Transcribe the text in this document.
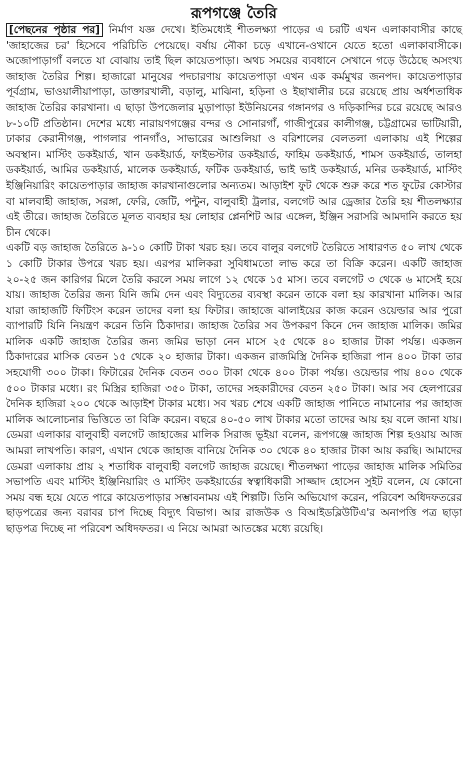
রূপগঞ্জে তৈরি

[পেছনের পৃষ্ঠার পর] নির্মাণ যজ্ঞ দেখে। ইতিমধ্যেই শীতলক্ষ্যা পাড়ের এ চরটি এখন এলাকাবাসীর কাছে 'জাহাজের চর' হিসেবে পরিচিতি পেয়েছে। বর্ষায় নৌকা চড়ে এখানে-ওখানে যেতে হতো এলাকাবাসীকে। অজোপাড়াগাঁ বলতে যা বোঝায় তাই ছিল কায়েতপাড়া। অথচ সময়ের ব্যবধানে সেখানে গড়ে উঠেছে অসংখ্য জাহাজ তৈরির শিল্প। হাজারো মানুষের পদচারণায় কায়েতপাড়া এখন এক কর্মমুখর জনপদ। কায়েতপাড়ার পূর্বগ্রাম, ভাওয়ালীয়াপাড়া, ডাক্তারখালী, বড়ালু, মাঝিনা, হড়িনা ও ইছাখালীর চরে রয়েছে প্রায় অর্ধশতাধিক জাহাজ তৈরির কারখানা। এ ছাড়া উপজেলার মুড়াপাড়া ইউনিয়নের গঙ্গানগর ও দড়িকান্দির চরে রয়েছে আরও ৮-১০টি প্রতিষ্ঠান। দেশের মধ্যে নারায়ণগঞ্জের বন্দর ও সোনারগাঁ, গাজীপুরের কালীগঞ্জ, চট্টগ্রামের ভাটিয়ারী, ঢাকার কেরানীগঞ্জ, পাগলার পানগাঁও, সাভারের আশুলিয়া ও বরিশালের বেলতলা এলাকায় এই শিল্পের অবস্থান। মাস্টিং ডকইয়ার্ড, খান ডকইয়ার্ড, ফাইভস্টার ডকইয়ার্ড, ফাহিম ডকইয়ার্ড, শামস ডকইয়ার্ড, তালহা ডকইয়ার্ড, আমির ডকইয়ার্ড, মালেক ডকইয়ার্ড, ফটিক ডকইয়ার্ড, ভাই ভাই ডকইয়ার্ড, মনির ডকইয়ার্ড, মাস্টিং ইঞ্জিনিয়ারিং কায়েতপাড়ার জাহাজ কারখানাগুলোর অন্যতম। আড়াইশ ফুট থেকে শুরু করে শত ফুটের কোস্টার বা মালবাহী জাহাজ, সরঙ্গা, ফেরি, জেটি, পন্টুন, বালুবাহী ট্রলার, বলগেট আর ড্রেজার তৈরি হয় শীতলক্ষ্যার এই তীরে। জাহাজ তৈরিতে মূলত ব্যবহার হয় লোহার প্লেনশিট আর এঙ্গেল, ইঞ্জিন সরাসরি আমদানি করতে হয় চীন থেকে।

একটি বড় জাহাজ তৈরিতে ৯-১০ কোটি টাকা খরচ হয়। তবে বালুর বলগেট তৈরিতে সাধারণত ৫০ লাখ থেকে ১ কোটি টাকার উপরে খরচ হয়। এরপর মালিকরা সুবিধামতো লাভ করে তা বিক্রি করেন। একটি জাহাজ ২০-২৫ জন কারিগর মিলে তৈরি করলে সময় লাগে ১২ থেকে ১৫ মাস। তবে বলগেট ৩ থেকে ৬ মাসেই হয়ে যায়। জাহাজ তৈরির জন্য যিনি জমি দেন এবং বিদ্যুতের ব্যবস্থা করেন তাকে বলা হয় কারখানা মালিক। আর যারা জাহাজটি ফিটিংস করেন তাদের বলা হয় ফিটার। জাহাজে ঝালাইয়ের কাজ করেন ওয়েল্ডার আর পুরো ব্যাপারটি যিনি নিয়ন্ত্রণ করেন তিনি ঠিকাদার। জাহাজ তৈরির সব উপকরণ কিনে দেন জাহাজ মালিক। জমির মালিক একটি জাহাজ তৈরির জন্য জমির ভাড়া নেন মাসে ২৫ থেকে ৪০ হাজার টাকা পর্যন্ত। একজন ঠিকাদারের মাসিক বেতন ১৫ থেকে ২০ হাজার টাকা। একজন রাজমিস্ত্রি দৈনিক হাজিরা পান ৪০০ টাকা তার সহযোগী ৩০০ টাকা। ফিটারের দৈনিক বেতন ৩০০ টাকা থেকে ৪০০ টাকা পর্যন্ত। ওয়েল্ডার পায় ৪০০ থেকে ৫০০ টাকার মধ্যে। রং মিস্ত্রির হাজিরা ৩৫০ টাকা, তাদের সহকারীদের বেতন ২৫০ টাকা। আর সব হেলপারের দৈনিক হাজিরা ২০০ থেকে আড়াইশ টাকার মধ্যে। সব খরচ শেষে একটি জাহাজ পানিতে নামানোর পর জাহাজ মালিক আলোচনার ভিত্তিতে তা বিক্রি করেন। বছরে ৪০-৫০ লাখ টাকার মতো তাদের আয় হয় বলে জানা যায়। ডেমরা এলাকার বালুবাহী বলগেট জাহাজের মালিক সিরাজ ভূইয়া বলেন, রূপগঞ্জে জাহাজ শিল্প হওয়ায় আজ আমরা লাখপতি। কারণ, এখান থেকে জাহাজ বানিয়ে দৈনিক ৩০ থেকে ৪০ হাজার টাকা আয় করছি। আমাদের ডেমরা এলাকায় প্রায় ২ শতাধিক বালুবাহী বলগেট জাহাজ রয়েছে। শীতলক্ষ্যা পাড়ের জাহাজ মালিক সমিতির সভাপতি এবং মাস্টিং ইঞ্জিনিয়ারিং ও মাস্টিং ডকইয়ার্ডের স্বত্বাধিকারী সাজ্জাদ হোসেন সুইট বলেন, যে কোনো সময় বন্ধ হয়ে যেতে পারে কায়েতপাড়ার সম্ভাবনাময় এই শিল্পটি। তিনি অভিযোগ করেন, পরিবেশ অধিদফতরের ছাড়পত্রের জন্য বরাবর চাপ দিচ্ছে বিদ্যুৎ বিভাগ। আর রাজউক ও বিআইডব্লিউটিএ'র অনাপত্তি পত্র ছাড়া ছাড়পত্র দিচ্ছে না পরিবেশ অধিদফতর। এ নিয়ে আমরা আতঙ্কের মধ্যে রয়েছি।
